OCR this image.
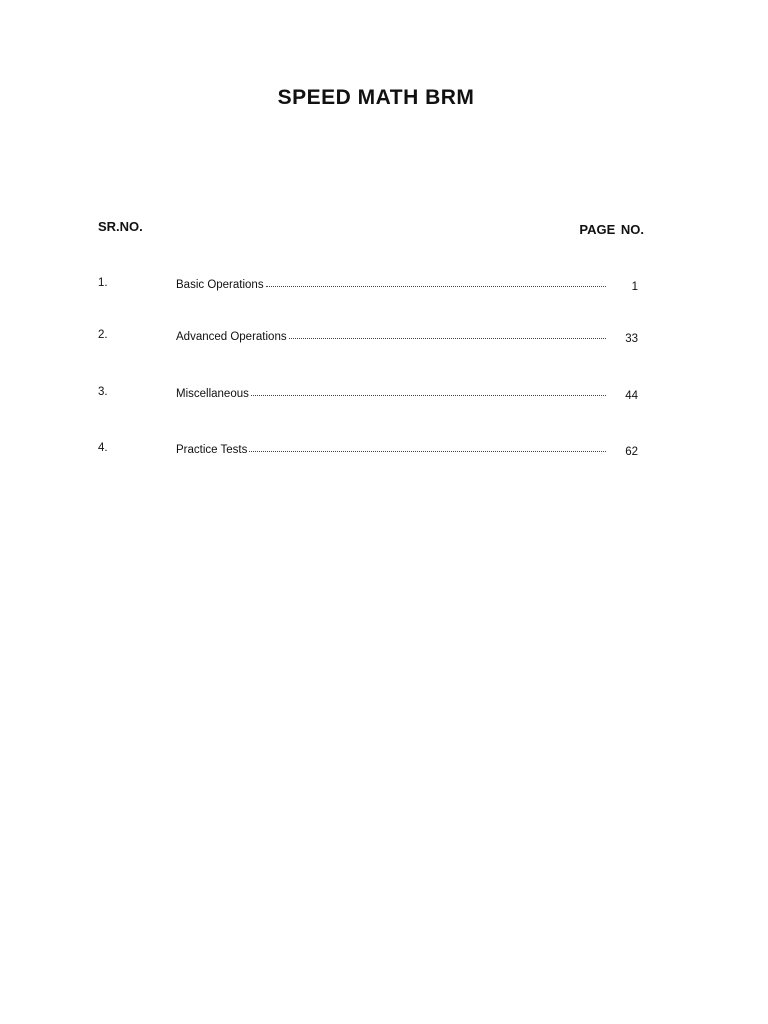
SPEED MATH BRM
SR.NO.	PAGE NO.
1.	Basic Operations	1
2.	Advanced Operations	33
3.	Miscellaneous	44
4.	Practice Tests	62
